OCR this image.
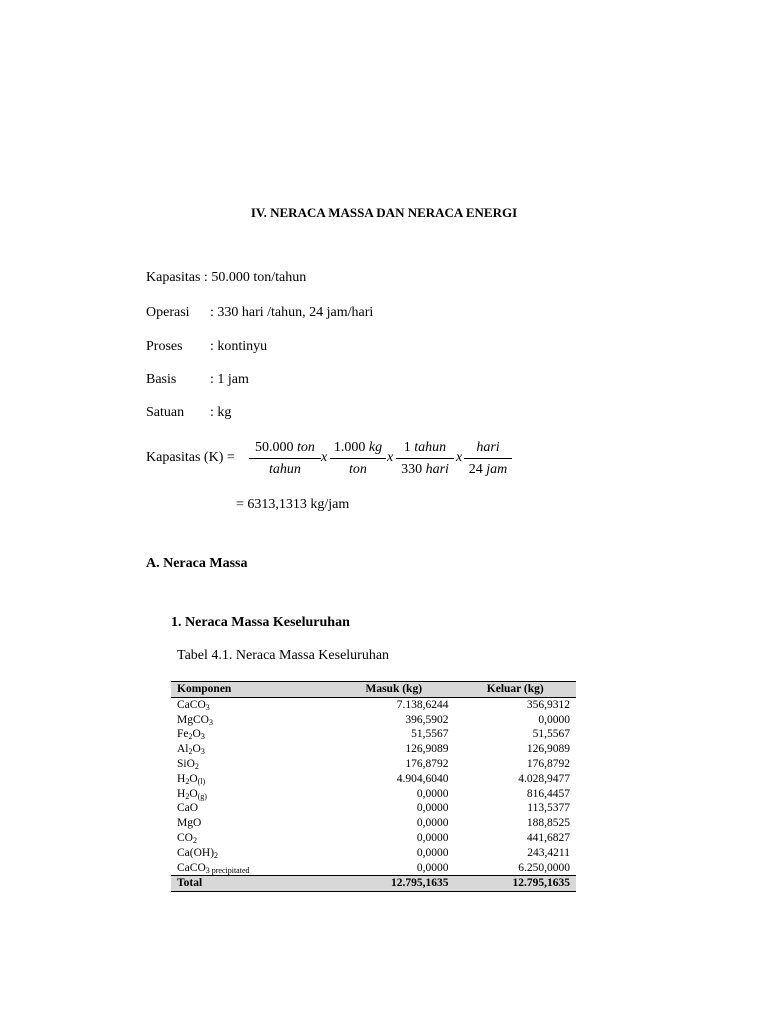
IV. NERACA MASSA DAN NERACA ENERGI
Kapasitas : 50.000 ton/tahun
Operasi : 330 hari /tahun, 24 jam/hari
Proses : kontinyu
Basis : 1 jam
Satuan : kg
Kapasitas (K) =
50.000 ton
tahun
x
1.000 kg
ton
x
1 tahun
330 hari
x
hari
24 jam
= 6313,1313 kg/jam
A. Neraca Massa
1. Neraca Massa Keseluruhan
Tabel 4.1. Neraca Massa Keseluruhan
Komponen	Masuk (kg)	Keluar (kg)
CaCO$_3$	7.138,6244	356,9312
MgCO$_3$	396,5902	0,0000
$Fe_2O_3$	51,5567	51,5567
$Al_2O_3$	126,9089	126,9089
SiO$_2$	176,8792	176,8792
$H_2O_{(l)}$	4.904,6040	4.028,9477
$H_2O_{(g)}$	0,0000	816,4457
CaO	0,0000	113,5377
MgO	0,0000	188,8525
$CO_2$	0,0000	441,6827
$Ca(OH)_2$	0,0000	243,4211
CaCO$_{3 precipitated}$	0,0000	6.250,0000
Total	12.795,1635	12.795,1635
